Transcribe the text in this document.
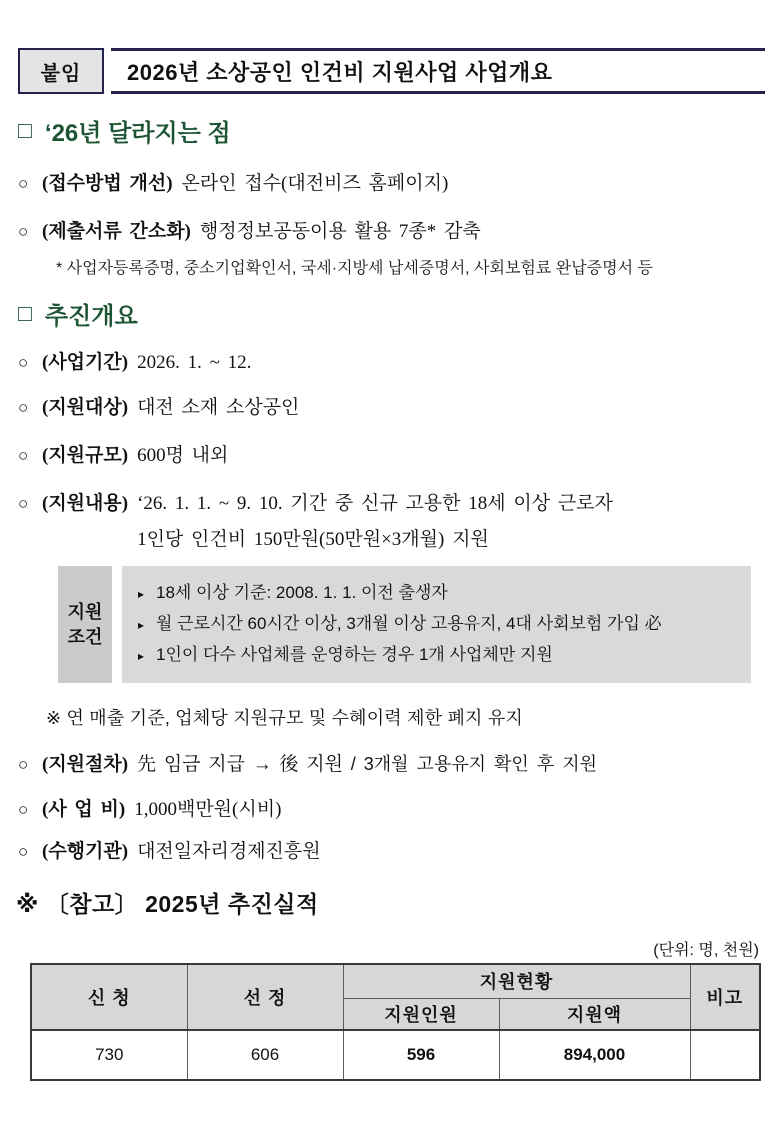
붙임 2026년 소상공인 인건비 지원사업 사업개요
□ ‘26년 달라지는 점
○ (접수방법 개선) 온라인 접수(대전비즈 홈페이지)
○ (제출서류 간소화) 행정정보공동이용 활용 7종* 감축
* 사업자등록증명, 중소기업확인서, 국세·지방세 납세증명서, 사회보험료 완납증명서 등
□ 추진개요
○ (사업기간) 2026. 1. ~ 12.
○ (지원대상) 대전 소재 소상공인
○ (지원규모) 600명 내외
○ (지원내용) ‘26. 1. 1. ~ 9. 10. 기간 중 신규 고용한 18세 이상 근로자
1인당 인건비 150만원(50만원×3개월) 지원
지원
조건
▸ 18세 이상 기준: 2008. 1. 1. 이전 출생자
▸ 월 근로시간 60시간 이상, 3개월 이상 고용유지, 4대 사회보험 가입 必
▸ 1인이 다수 사업체를 운영하는 경우 1개 사업체만 지원
※ 연 매출 기준, 업체당 지원규모 및 수혜이력 제한 폐지 유지
○ (지원절차) 先 임금 지급 → 後 지원 / 3개월 고용유지 확인 후 지원
○ (사 업 비) 1,000백만원(시비)
○ (수행기관) 대전일자리경제진흥원
※ 〔참고〕 2025년 추진실적
(단위: 명, 천원)
신 청	선 정	지원현황		비고
		지원인원	지원액	
730	606	596	894,000	
